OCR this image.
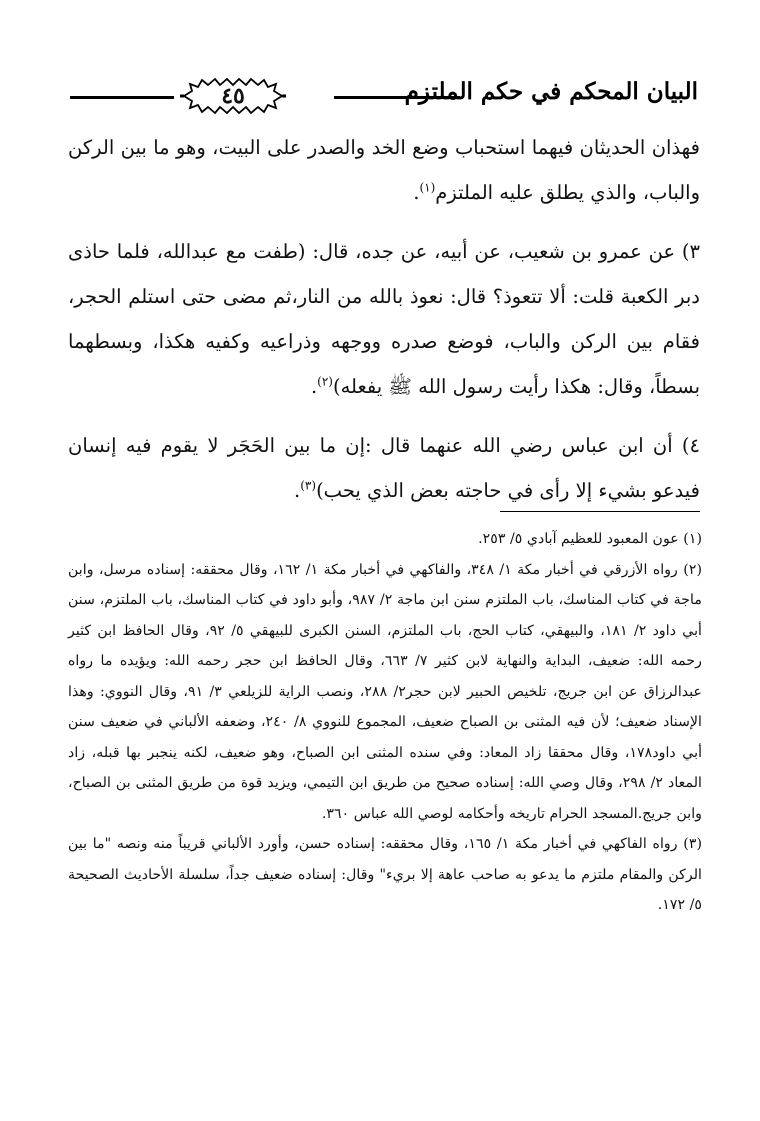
البيان المحكم في حكم الملتزم
٤٥

فهذان الحديثان فيهما استحباب وضع الخد والصدر على البيت، وهو ما بين الركن والباب، والذي يطلق عليه الملتزم$^{(١)}$.

٣) عن عمرو بن شعيب، عن أبيه، عن جده، قال: (طفت مع عبدالله، فلما حاذى دبر الكعبة قلت: ألا تتعوذ؟ قال: نعوذ بالله من النار،ثم مضى حتى استلم الحجر، فقام بين الركن والباب، فوضع صدره ووجهه وذراعيه وكفيه هكذا، وبسطهما بسطاً، وقال: هكذا رأيت رسول الله ﷺ يفعله)$^{(٢)}$.

٤) أن ابن عباس رضي الله عنهما قال :إن ما بين الحَجَر لا يقوم فيه إنسان فيدعو بشيء إلا رأى في حاجته بعض الذي يحب)$^{(٣)}$.

(١) عون المعبود للعظيم آبادي ٥/ ٢٥٣.

(٢) رواه الأزرقي في أخبار مكة ١/ ٣٤٨، والفاكهي في أخبار مكة ١/ ١٦٢، وقال محققه: إسناده مرسل، وابن ماجة في كتاب المناسك، باب الملتزم سنن ابن ماجة ٢/ ٩٨٧، وأبو داود في كتاب المناسك، باب الملتزم، سنن أبي داود ٢/ ١٨١، والبيهقي، كتاب الحج، باب الملتزم، السنن الكبرى للبيهقي ٥/ ٩٢، وقال الحافظ ابن كثير رحمه الله: ضعيف، البداية والنهاية لابن كثير ٧/ ٦٦٣، وقال الحافظ ابن حجر رحمه الله: ويؤيده ما رواه عبدالرزاق عن ابن جريج، تلخيص الحبير لابن حجر٢/ ٢٨٨، ونصب الراية للزيلعي ٣/ ٩١، وقال النووي: وهذا الإسناد ضعيف؛ لأن فيه المثنى بن الصباح ضعيف، المجموع للنووي ٨/ ٢٤٠، وضعفه الألباني في ضعيف سنن أبي داود١٧٨، وقال محققا زاد المعاد: وفي سنده المثنى ابن الصباح، وهو ضعيف، لكنه ينجبر بها قبله، زاد المعاد ٢/ ٢٩٨، وقال وصي الله: إسناده صحيح من طريق ابن التيمي، ويزيد قوة من طريق المثنى بن الصباح، وابن جريج.المسجد الحرام تاريخه وأحكامه لوصي الله عباس ٣٦٠.

(٣) رواه الفاكهي في أخبار مكة ١/ ١٦٥، وقال محققه: إسناده حسن، وأورد الألباني قريباً منه ونصه "ما بين الركن والمقام ملتزم ما يدعو به صاحب عاهة إلا بريء" وقال: إسناده ضعيف جداً، سلسلة الأحاديث الصحيحة ٥/ ١٧٢.
